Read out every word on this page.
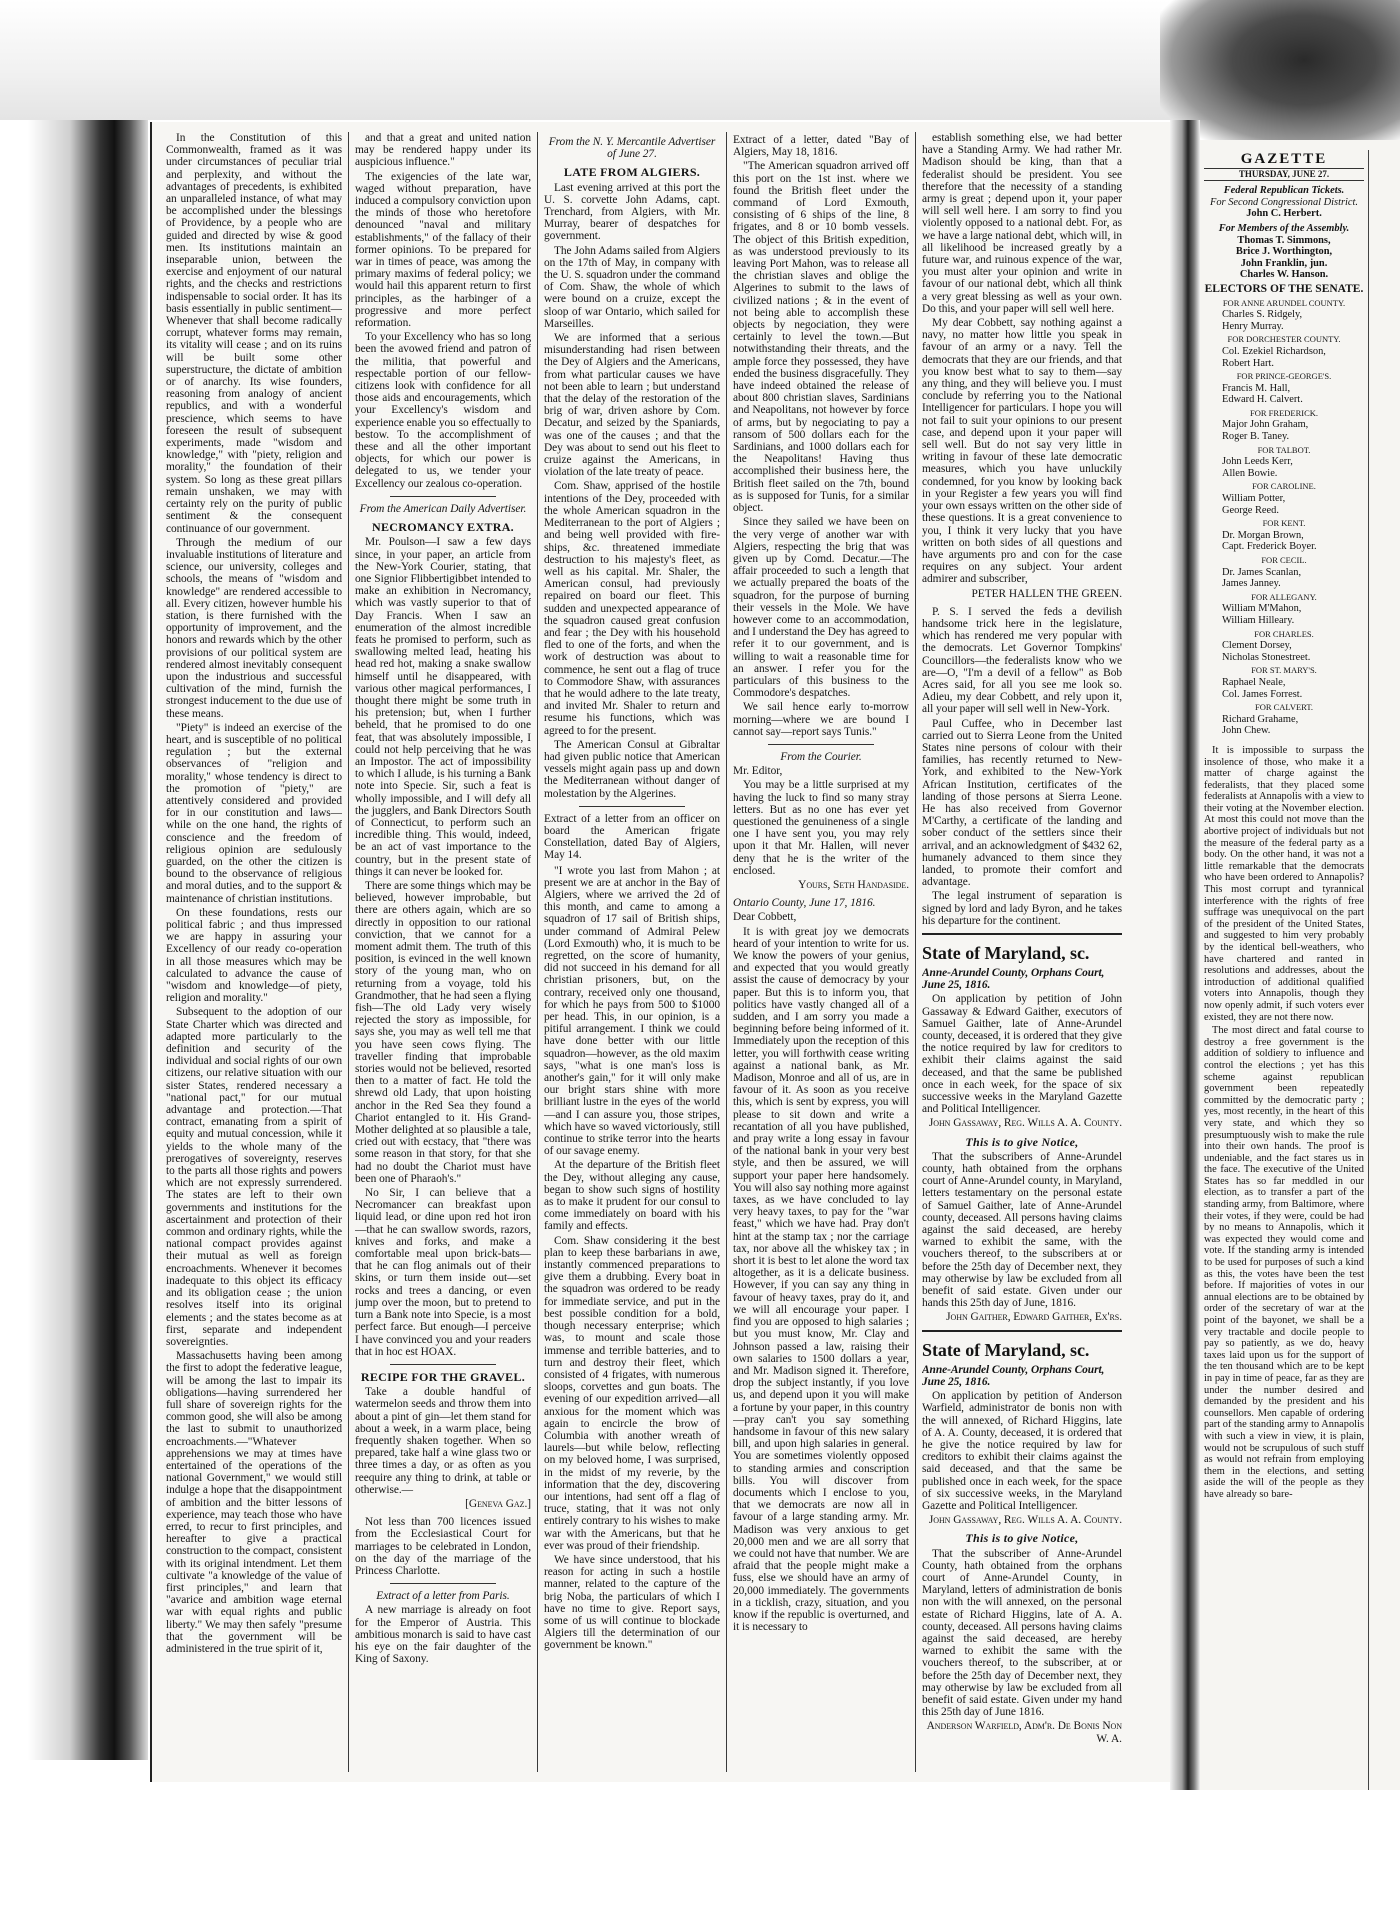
In the Constitution of this Commonwealth, framed as it was under circumstances of peculiar trial and perplexity, and without the advantages of precedents, is exhibited an unparalleled instance, of what may be accomplished under the blessings of Providence, by a people who are guided and directed by wise & good men. Its institutions maintain an inseparable union, between the exercise and enjoyment of our natural rights, and the checks and restrictions indispensable to social order. It has its basis essentially in public sentiment—Whenever that shall become radically corrupt, whatever forms may remain, its vitality will cease ; and on its ruins will be built some other superstructure, the dictate of ambition or of anarchy. Its wise founders, reasoning from analogy of ancient republics, and with a wonderful prescience, which seems to have foreseen the result of subsequent experiments, made "wisdom and knowledge," with "piety, religion and morality," the foundation of their system. So long as these great pillars remain unshaken, we may with certainty rely on the purity of public sentiment & the consequent continuance of our government.

Through the medium of our invaluable institutions of literature and science, our university, colleges and schools, the means of "wisdom and knowledge" are rendered accessible to all. Every citizen, however humble his station, is there furnished with the opportunity of improvement, and the honors and rewards which by the other provisions of our political system are rendered almost inevitably consequent upon the industrious and successful cultivation of the mind, furnish the strongest inducement to the due use of these means.

"Piety" is indeed an exercise of the heart, and is susceptible of no political regulation ; but the external observances of "religion and morality," whose tendency is direct to the promotion of "piety," are attentively considered and provided for in our constitution and laws—while on the one hand, the rights of conscience and the freedom of religious opinion are sedulously guarded, on the other the citizen is bound to the observance of religious and moral duties, and to the support & maintenance of christian institutions.

On these foundations, rests our political fabric ; and thus impressed we are happy in assuring your Excellency of our ready co-operation in all those measures which may be calculated to advance the cause of "wisdom and knowledge—of piety, religion and morality."

Subsequent to the adoption of our State Charter which was directed and adapted more particularly to the definition and security of the individual and social rights of our own citizens, our relative situation with our sister States, rendered necessary a "national pact," for our mutual advantage and protection.—That contract, emanating from a spirit of equity and mutual concession, while it yields to the whole many of the prerogatives of sovereignty, reserves to the parts all those rights and powers which are not expressly surrendered. The states are left to their own governments and institutions for the ascertainment and protection of their common and ordinary rights, while the national compact provides against their mutual as well as foreign encroachments. Whenever it becomes inadequate to this object its efficacy and its obligation cease ; the union resolves itself into its original elements ; and the states become as at first, separate and independent sovereignties.

Massachusetts having been among the first to adopt the federative league, will be among the last to impair its obligations—having surrendered her full share of sovereign rights for the common good, she will also be among the last to submit to unauthorized encroachments.—"Whatever apprehensions we may at times have entertained of the operations of the national Government," we would still indulge a hope that the disappointment of ambition and the bitter lessons of experience, may teach those who have erred, to recur to first principles, and hereafter to give a practical construction to the compact, consistent with its original intendment. Let them cultivate "a knowledge of the value of first principles," and learn that "avarice and ambition wage eternal war with equal rights and public liberty." We may then safely "presume that the government will be administered in the true spirit of it,

and that a great and united nation may be rendered happy under its auspicious influence."

The exigencies of the late war, waged without preparation, have induced a compulsory conviction upon the minds of those who heretofore denounced "naval and military establishments," of the fallacy of their former opinions. To be prepared for war in times of peace, was among the primary maxims of federal policy; we would hail this apparent return to first principles, as the harbinger of a progressive and more perfect reformation.

To your Excellency who has so long been the avowed friend and patron of the militia, that powerful and respectable portion of our fellow-citizens look with confidence for all those aids and encouragements, which your Excellency's wisdom and experience enable you so effectually to bestow. To the accomplishment of these and all the other important objects, for which our power is delegated to us, we tender your Excellency our zealous co-operation.

From the American Daily Advertiser.

NECROMANCY EXTRA.

Mr. Poulson—I saw a few days since, in your paper, an article from the New-York Courier, stating, that one Signior Flibbertigibbet intended to make an exhibition in Necromancy, which was vastly superior to that of Day Francis. When I saw an enumeration of the almost incredible feats he promised to perform, such as swallowing melted lead, heating his head red hot, making a snake swallow himself until he disappeared, with various other magical performances, I thought there might be some truth in his pretension; but, when I further beheld, that he promised to do one feat, that was absolutely impossible, I could not help perceiving that he was an Impostor. The act of impossibility to which I allude, is his turning a Bank note into Specie. Sir, such a feat is wholly impossible, and I will defy all the jugglers, and Bank Directors South of Connecticut, to perform such an incredible thing. This would, indeed, be an act of vast importance to the country, but in the present state of things it can never be looked for.

There are some things which may be believed, however improbable, but there are others again, which are so directly in opposition to our rational conviction, that we cannot for a moment admit them. The truth of this position, is evinced in the well known story of the young man, who on returning from a voyage, told his Grandmother, that he had seen a flying fish—The old Lady very wisely rejected the story as impossible, for says she, you may as well tell me that you have seen cows flying. The traveller finding that improbable stories would not be believed, resorted then to a matter of fact. He told the shrewd old Lady, that upon hoisting anchor in the Red Sea they found a Chariot entangled to it. His Grand-Mother delighted at so plausible a tale, cried out with ecstacy, that "there was some reason in that story, for that she had no doubt the Chariot must have been one of Pharaoh's."

No Sir, I can believe that a Necromancer can breakfast upon liquid lead, or dine upon red hot iron—that he can swallow swords, razors, knives and forks, and make a comfortable meal upon brick-bats—that he can flog animals out of their skins, or turn them inside out—set rocks and trees a dancing, or even jump over the moon, but to pretend to turn a Bank note into Specie, is a most perfect farce. But enough—I perceive I have convinced you and your readers that in hoc est HOAX.

RECIPE FOR THE GRAVEL.

Take a double handful of watermelon seeds and throw them into about a pint of gin—let them stand for about a week, in a warm place, being frequently shaken together. When so prepared, take half a wine glass two or three times a day, or as often as you reequire any thing to drink, at table or otherwise.—

[Geneva Gaz.]

Not less than 700 licences issued from the Ecclesiastical Court for marriages to be celebrated in London, on the day of the marriage of the Princess Charlotte.

Extract of a letter from Paris.

A new marriage is already on foot for the Emperor of Austria. This ambitious monarch is said to have cast his eye on the fair daughter of the King of Saxony.

From the N. Y. Mercantile Advertiser of June 27.

LATE FROM ALGIERS.

Last evening arrived at this port the U. S. corvette John Adams, capt. Trenchard, from Algiers, with Mr. Murray, bearer of despatches for government.

The John Adams sailed from Algiers on the 17th of May, in company with the U. S. squadron under the command of Com. Shaw, the whole of which were bound on a cruize, except the sloop of war Ontario, which sailed for Marseilles.

We are informed that a serious misunderstanding had risen between the Dey of Algiers and the Americans, from what particular causes we have not been able to learn ; but understand that the delay of the restoration of the brig of war, driven ashore by Com. Decatur, and seized by the Spaniards, was one of the causes ; and that the Dey was about to send out his fleet to cruize against the Americans, in violation of the late treaty of peace.

Com. Shaw, apprised of the hostile intentions of the Dey, proceeded with the whole American squadron in the Mediterranean to the port of Algiers ; and being well provided with fire-ships, &c. threatened immediate destruction to his majesty's fleet, as well as his capital. Mr. Shaler, the American consul, had previously repaired on board our fleet. This sudden and unexpected appearance of the squadron caused great confusion and fear ; the Dey with his household fled to one of the forts, and when the work of destruction was about to commence, he sent out a flag of truce to Commodore Shaw, with assurances that he would adhere to the late treaty, and invited Mr. Shaler to return and resume his functions, which was agreed to for the present.

The American Consul at Gibraltar had given public notice that American vessels might again pass up and down the Mediterranean without danger of molestation by the Algerines.

Extract of a letter from an officer on board the American frigate Constellation, dated Bay of Algiers, May 14.

"I wrote you last from Mahon ; at present we are at anchor in the Bay of Algiers, where we arrived the 2d of this month, and came to among a squadron of 17 sail of British ships, under command of Admiral Pelew (Lord Exmouth) who, it is much to be regretted, on the score of humanity, did not succeed in his demand for all christian prisoners, but, on the contrary, received only one thousand, for which he pays from 500 to $1000 per head. This, in our opinion, is a pitiful arrangement. I think we could have done better with our little squadron—however, as the old maxim says, "what is one man's loss is another's gain," for it will only make our bright stars shine with more brilliant lustre in the eyes of the world—and I can assure you, those stripes, which have so waved victoriously, still continue to strike terror into the hearts of our savage enemy.

At the departure of the British fleet the Dey, without alleging any cause, began to show such signs of hostility as to make it prudent for our consul to come immediately on board with his family and effects.

Com. Shaw considering it the best plan to keep these barbarians in awe, instantly commenced preparations to give them a drubbing. Every boat in the squadron was ordered to be ready for immediate service, and put in the best possible condition for a bold, though necessary enterprise; which was, to mount and scale those immense and terrible batteries, and to turn and destroy their fleet, which consisted of 4 frigates, with numerous sloops, corvettes and gun boats. The evening of our expedition arrived—all anxious for the moment which was again to encircle the brow of Columbia with another wreath of laurels—but while below, reflecting on my beloved home, I was surprised, in the midst of my reverie, by the information that the dey, discovering our intentions, had sent off a flag of truce, stating, that it was not only entirely contrary to his wishes to make war with the Americans, but that he ever was proud of their friendship.

We have since understood, that his reason for acting in such a hostile manner, related to the capture of the brig Noba, the particulars of which I have no time to give. Report says, some of us will continue to blockade Algiers till the determination of our government be known."

Extract of a letter, dated "Bay of Algiers, May 18, 1816.

"The American squadron arrived off this port on the 1st inst. where we found the British fleet under the command of Lord Exmouth, consisting of 6 ships of the line, 8 frigates, and 8 or 10 bomb vessels. The object of this British expedition, as was understood previously to its leaving Port Mahon, was to release all the christian slaves and oblige the Algerines to submit to the laws of civilized nations ; & in the event of not being able to accomplish these objects by negociation, they were certainly to level the town.—But notwithstanding their threats, and the ample force they possessed, they have ended the business disgracefully. They have indeed obtained the release of about 800 christian slaves, Sardinians and Neapolitans, not however by force of arms, but by negociating to pay a ransom of 500 dollars each for the Sardinians, and 1000 dollars each for the Neapolitans! Having thus accomplished their business here, the British fleet sailed on the 7th, bound as is supposed for Tunis, for a similar object.

Since they sailed we have been on the very verge of another war with Algiers, respecting the brig that was given up by Comd. Decatur.—The affair proceeded to such a length that we actually prepared the boats of the squadron, for the purpose of burning their vessels in the Mole. We have however come to an accommodation, and I understand the Dey has agreed to refer it to our government, and is willing to wait a reasonable time for an answer. I refer you for the particulars of this business to the Commodore's despatches.

We sail hence early to-morrow morning—where we are bound I cannot say—report says Tunis."

From the Courier.

Mr. Editor,

You may be a little surprised at my having the luck to find so many stray letters. But as no one has ever yet questioned the genuineness of a single one I have sent you, you may rely upon it that Mr. Hallen, will never deny that he is the writer of the enclosed.

Yours, Seth Handaside.

Ontario County, June 17, 1816.

Dear Cobbett,

It is with great joy we democrats heard of your intention to write for us. We know the powers of your genius, and expected that you would greatly assist the cause of democracy by your paper. But this is to inform you, that politics have vastly changed all of a sudden, and I am sorry you made a beginning before being informed of it. Immediately upon the reception of this letter, you will forthwith cease writing against a national bank, as Mr. Madison, Monroe and all of us, are in favour of it. As soon as you receive this, which is sent by express, you will please to sit down and write a recantation of all you have published, and pray write a long essay in favour of the national bank in your very best style, and then be assured, we will support your paper here handsomely. You will also say nothing more against taxes, as we have concluded to lay very heavy taxes, to pay for the "war feast," which we have had. Pray don't hint at the stamp tax ; nor the carriage tax, nor above all the whiskey tax ; in short it is best to let alone the word tax altogether, as it is a delicate business. However, if you can say any thing in favour of heavy taxes, pray do it, and we will all encourage your paper. I find you are opposed to high salaries ; but you must know, Mr. Clay and Johnson passed a law, raising their own salaries to 1500 dollars a year, and Mr. Madison signed it. Therefore, drop the subject instantly, if you love us, and depend upon it you will make a fortune by your paper, in this country—pray can't you say something handsome in favour of this new salary bill, and upon high salaries in general. You are sometimes violently opposed to standing armies and conscription bills. You will discover from documents which I enclose to you, that we democrats are now all in favour of a large standing army. Mr. Madison was very anxious to get 20,000 men and we are all sorry that we could not have that number. We are afraid that the people might make a fuss, else we should have an army of 20,000 immediately. The governments in a ticklish, crazy, situation, and you know if the republic is overturned, and it is necessary to

establish something else, we had better have a Standing Army. We had rather Mr. Madison should be king, than that a federalist should be president. You see therefore that the necessity of a standing army is great ; depend upon it, your paper will sell well here. I am sorry to find you violently opposed to a national debt. For, as we have a large national debt, which will, in all likelihood be increased greatly by a future war, and ruinous expence of the war, you must alter your opinion and write in favour of our national debt, which all think a very great blessing as well as your own. Do this, and your paper will sell well here.

My dear Cobbett, say nothing against a navy, no matter how little you speak in favour of an army or a navy. Tell the democrats that they are our friends, and that you know best what to say to them—say any thing, and they will believe you. I must conclude by referring you to the National Intelligencer for particulars. I hope you will not fail to suit your opinions to our present case, and depend upon it your paper will sell well. But do not say very little in writing in favour of these late democratic measures, which you have unluckily condemned, for you know by looking back in your Register a few years you will find your own essays written on the other side of these questions. It is a great convenience to you, I think it very lucky that you have written on both sides of all questions and have arguments pro and con for the case requires on any subject. Your ardent admirer and subscriber,

PETER HALLEN THE GREEN.

P. S. I served the feds a devilish handsome trick here in the legislature, which has rendered me very popular with the democrats. Let Governor Tompkins' Councillors—the federalists know who we are—O, "I'm a devil of a fellow" as Bob Acres said, for all you see me look so. Adieu, my dear Cobbett, and rely upon it, all your paper will sell well in New-York.

Paul Cuffee, who in December last carried out to Sierra Leone from the United States nine persons of colour with their families, has recently returned to New-York, and exhibited to the New-York African Institution, certificates of the landing of those persons at Sierra Leone. He has also received from Governor M'Carthy, a certificate of the landing and sober conduct of the settlers since their arrival, and an acknowledgment of $432 62, humanely advanced to them since they landed, to promote their comfort and advantage.

The legal instrument of separation is signed by lord and lady Byron, and he takes his departure for the continent.

State of Maryland, sc.

Anne-Arundel County, Orphans Court, June 25, 1816.

On application by petition of John Gassaway & Edward Gaither, executors of Samuel Gaither, late of Anne-Arundel county, deceased, it is ordered that they give the notice required by law for creditors to exhibit their claims against the said deceased, and that the same be published once in each week, for the space of six successive weeks in the Maryland Gazette and Political Intelligencer.

John Gassaway, Reg. Wills A. A. County.

This is to give Notice,

That the subscribers of Anne-Arundel county, hath obtained from the orphans court of Anne-Arundel county, in Maryland, letters testamentary on the personal estate of Samuel Gaither, late of Anne-Arundel county, deceased. All persons having claims against the said deceased, are hereby warned to exhibit the same, with the vouchers thereof, to the subscribers at or before the 25th day of December next, they may otherwise by law be excluded from all benefit of said estate. Given under our hands this 25th day of June, 1816.

John Gaither, Edward Gaither, Ex'rs.

State of Maryland, sc.

Anne-Arundel County, Orphans Court, June 25, 1816.

On application by petition of Anderson Warfield, administrator de bonis non with the will annexed, of Richard Higgins, late of A. A. County, deceased, it is ordered that he give the notice required by law for creditors to exhibit their claims against the said deceased, and that the same be published once in each week, for the space of six successive weeks, in the Maryland Gazette and Political Intelligencer.

John Gassaway, Reg. Wills A. A. County.

This is to give Notice,

That the subscriber of Anne-Arundel County, hath obtained from the orphans court of Anne-Arundel County, in Maryland, letters of administration de bonis non with the will annexed, on the personal estate of Richard Higgins, late of A. A. county, deceased. All persons having claims against the said deceased, are hereby warned to exhibit the same with the vouchers thereof, to the subscriber, at or before the 25th day of December next, they may otherwise by law be excluded from all benefit of said estate. Given under my hand this 25th day of June 1816.

Anderson Warfield, Adm'r. De Bonis Non W. A.

GAZETTE
THURSDAY, JUNE 27.
Federal Republican Tickets.
For Second Congressional District.
John C. Herbert.
For Members of the Assembly.
Thomas T. Simmons,
Brice J. Worthington,
John Franklin, jun.
Charles W. Hanson.
ELECTORS OF THE SENATE.
FOR ANNE ARUNDEL COUNTY.
Charles S. Ridgely,
Henry Murray.
FOR DORCHESTER COUNTY.
Col. Ezekiel Richardson,
Robert Hart.
FOR PRINCE-GEORGE'S.
Francis M. Hall,
Edward H. Calvert.
FOR FREDERICK.
Major John Graham,
Roger B. Taney.
FOR TALBOT.
John Leeds Kerr,
Allen Bowie.
FOR CAROLINE.
William Potter,
George Reed.
FOR KENT.
Dr. Morgan Brown,
Capt. Frederick Boyer.
FOR CECIL.
Dr. James Scanlan,
James Janney.
FOR ALLEGANY.
William M'Mahon,
William Hilleary.
FOR CHARLES.
Clement Dorsey,
Nicholas Stonestreet.
FOR ST. MARY'S.
Raphael Neale,
Col. James Forrest.
FOR CALVERT.
Richard Grahame,
John Chew.

It is impossible to surpass the insolence of those, who make it a matter of charge against the federalists, that they placed some federalists at Annapolis with a view to their voting at the November election. At most this could not move than the abortive project of individuals but not the measure of the federal party as a body. On the other hand, it was not a little remarkable that the democrats who have been ordered to Annapolis? This most corrupt and tyrannical interference with the rights of free suffrage was unequivocal on the part of the president of the United States, and suggested to him very probably by the identical bell-weathers, who have chartered and ranted in resolutions and addresses, about the introduction of additional qualified voters into Annapolis, though they now openly admit, if such voters ever existed, they are not there now.

The most direct and fatal course to destroy a free government is the addition of soldiery to influence and control the elections ; yet has this scheme against republican government been repeatedly committed by the democratic party ; yes, most recently, in the heart of this very state, and which they so presumptuously wish to make the rule into their own hands. The proof is undeniable, and the fact stares us in the face. The executive of the United States has so far meddled in our election, as to transfer a part of the standing army, from Baltimore, where their votes, if they were, could be had by no means to Annapolis, which it was expected they would come and vote. If the standing army is intended to be used for purposes of such a kind as this, the votes have been the test before. If majorities of votes in our annual elections are to be obtained by order of the secretary of war at the point of the bayonet, we shall be a very tractable and docile people to pay so patiently, as we do, heavy taxes laid upon us for the support of the ten thousand which are to be kept in pay in time of peace, far as they are under the number desired and demanded by the president and his counsellors. Men capable of ordering part of the standing army to Annapolis with such a view in view, it is plain, would not be scrupulous of such stuff as would not refrain from employing them in the elections, and setting aside the will of the people as they have already so bare-
